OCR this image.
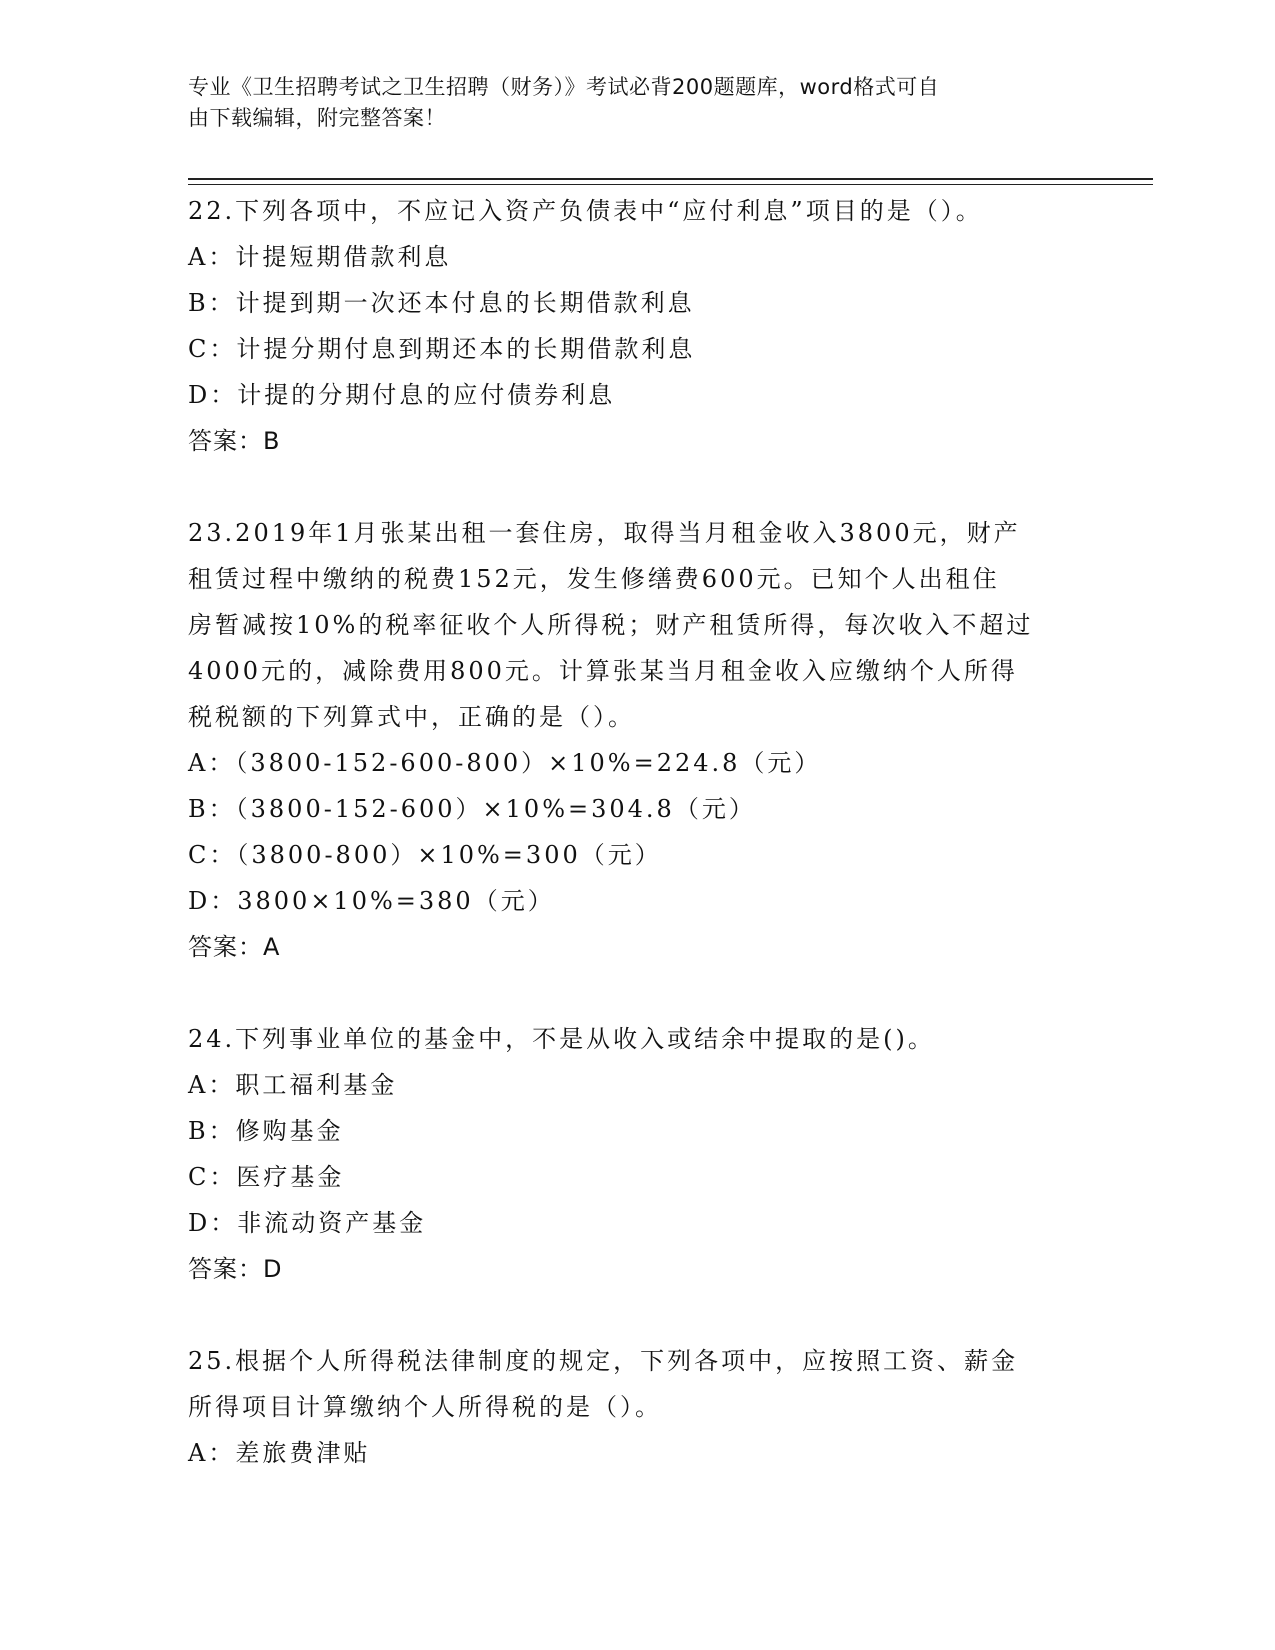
专业《卫生招聘考试之卫生招聘（财务）》考试必背200题题库，word格式可自
由下载编辑，附完整答案！
22.下列各项中，不应记入资产负债表中“应付利息”项目的是（）。
A：计提短期借款利息
B：计提到期一次还本付息的长期借款利息
C：计提分期付息到期还本的长期借款利息
D：计提的分期付息的应付债券利息
答案：B
23.2019年1月张某出租一套住房，取得当月租金收入3800元，财产
租赁过程中缴纳的税费152元，发生修缮费600元。已知个人出租住
房暂减按10%的税率征收个人所得税；财产租赁所得，每次收入不超过
4000元的，减除费用800元。计算张某当月租金收入应缴纳个人所得
税税额的下列算式中，正确的是（）。
A：（3800-152-600-800）×10%=224.8（元）
B：（3800-152-600）×10%=304.8（元）
C：（3800-800）×10%=300（元）
D：3800×10%=380（元）
答案：A
24.下列事业单位的基金中，不是从收入或结余中提取的是()。
A：职工福利基金
B：修购基金
C：医疗基金
D：非流动资产基金
答案：D
25.根据个人所得税法律制度的规定，下列各项中，应按照工资、薪金
所得项目计算缴纳个人所得税的是（）。
A：差旅费津贴
